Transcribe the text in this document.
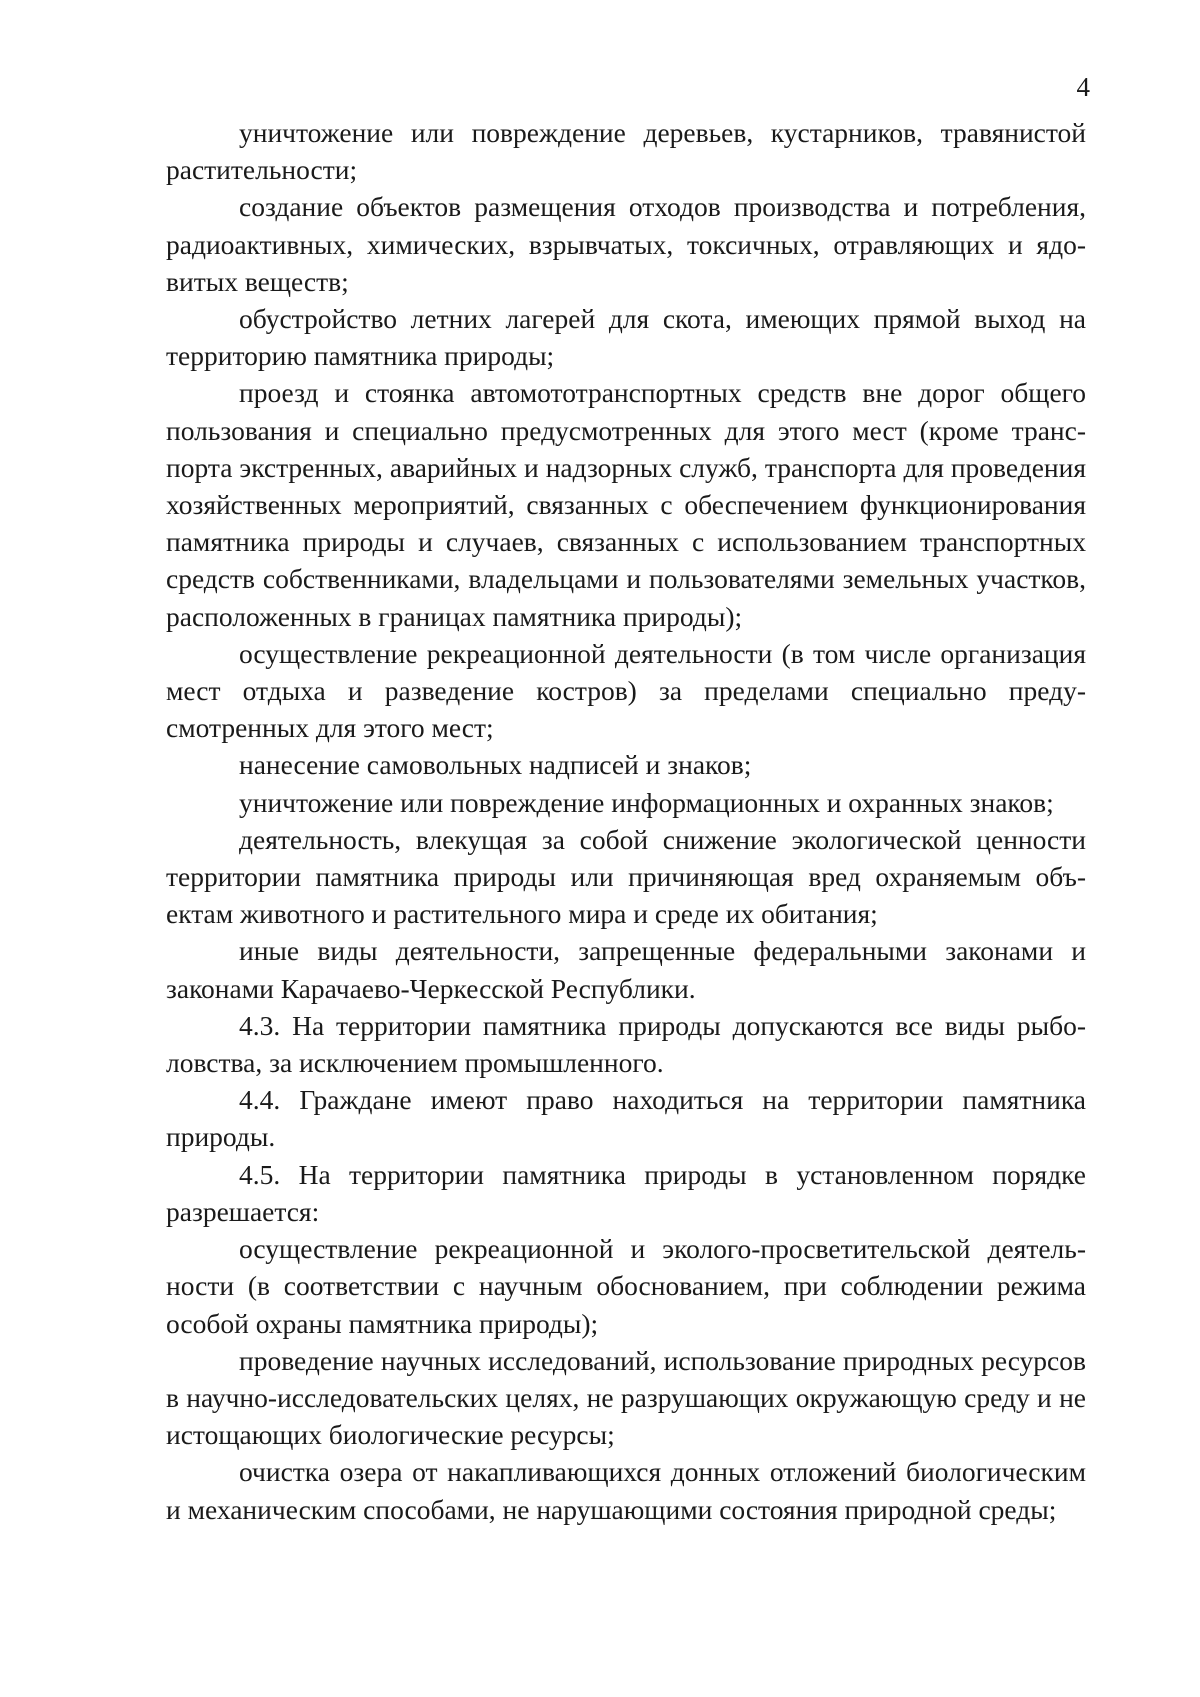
4

уничтожение или повреждение деревьев, кустарников, травянистой растительности;

создание объектов размещения отходов производства и потребления, радиоактивных, химических, взрывчатых, токсичных, отравляющих и ядовитых веществ;

обустройство летних лагерей для скота, имеющих прямой выход на территорию памятника природы;

проезд и стоянка автомототранспортных средств вне дорог общего пользования и специально предусмотренных для этого мест (кроме транспорта экстренных, аварийных и надзорных служб, транспорта для проведения хозяйственных мероприятий, связанных с обеспечением функционирования памятника природы и случаев, связанных с использованием транспортных средств собственниками, владельцами и пользователями земельных участков, расположенных в границах памятника природы);

осуществление рекреационной деятельности (в том числе организация мест отдыха и разведение костров) за пределами специально предусмотренных для этого мест;

нанесение самовольных надписей и знаков;

уничтожение или повреждение информационных и охранных знаков;

деятельность, влекущая за собой снижение экологической ценности территории памятника природы или причиняющая вред охраняемым объектам животного и растительного мира и среде их обитания;

иные виды деятельности, запрещенные федеральными законами и законами Карачаево-Черкесской Республики.

4.3. На территории памятника природы допускаются все виды рыболовства, за исключением промышленного.

4.4. Граждане имеют право находиться на территории памятника природы.

4.5. На территории памятника природы в установленном порядке разрешается:

осуществление рекреационной и эколого-просветительской деятельности (в соответствии с научным обоснованием, при соблюдении режима особой охраны памятника природы);

проведение научных исследований, использование природных ресурсов в научно-исследовательских целях, не разрушающих окружающую среду и не истощающих биологические ресурсы;

очистка озера от накапливающихся донных отложений биологическим и механическим способами, не нарушающими состояния природной среды;
